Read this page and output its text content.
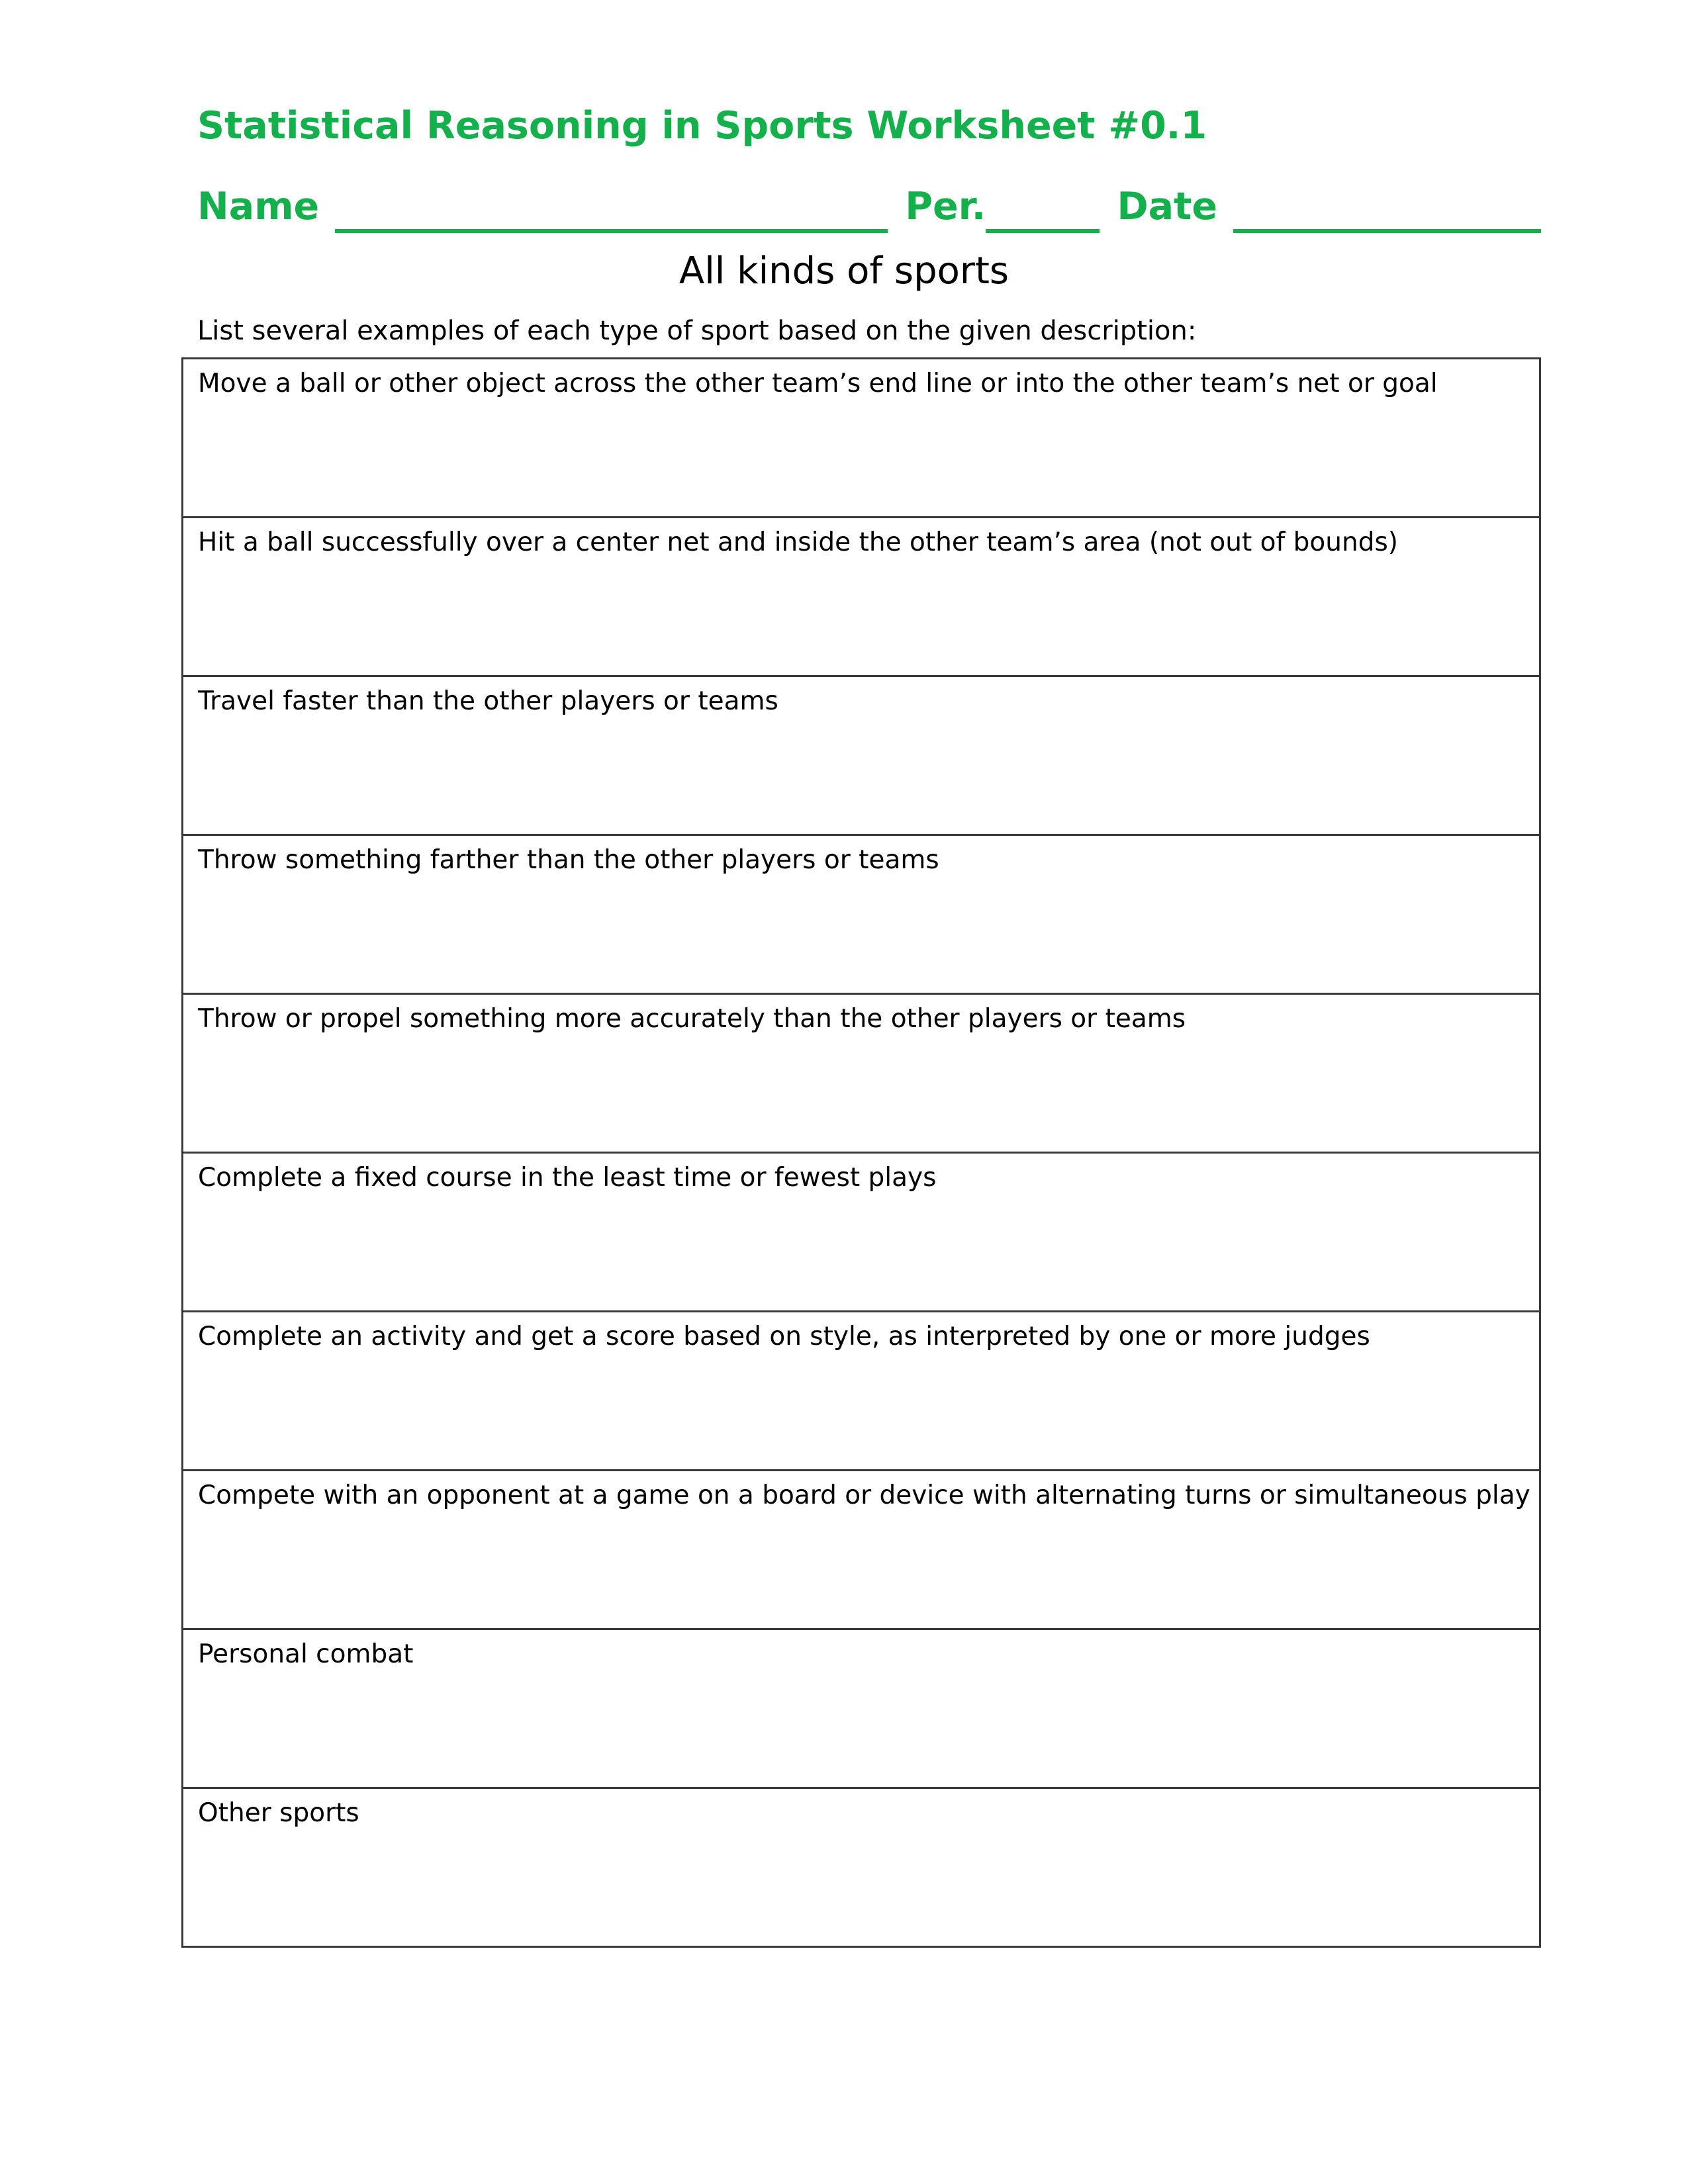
Statistical Reasoning in Sports Worksheet #0.1
Name	Per.	Date
All kinds of sports

List several examples of each type of sport based on the given description:

Move a ball or other object across the other team’s end line or into the other team’s net or goal
Hit a ball successfully over a center net and inside the other team’s area (not out of bounds)
Travel faster than the other players or teams
Throw something farther than the other players or teams
Throw or propel something more accurately than the other players or teams
Complete a fixed course in the least time or fewest plays
Complete an activity and get a score based on style, as interpreted by one or more judges
Compete with an opponent at a game on a board or device with alternating turns or simultaneous play
Personal combat
Other sports
